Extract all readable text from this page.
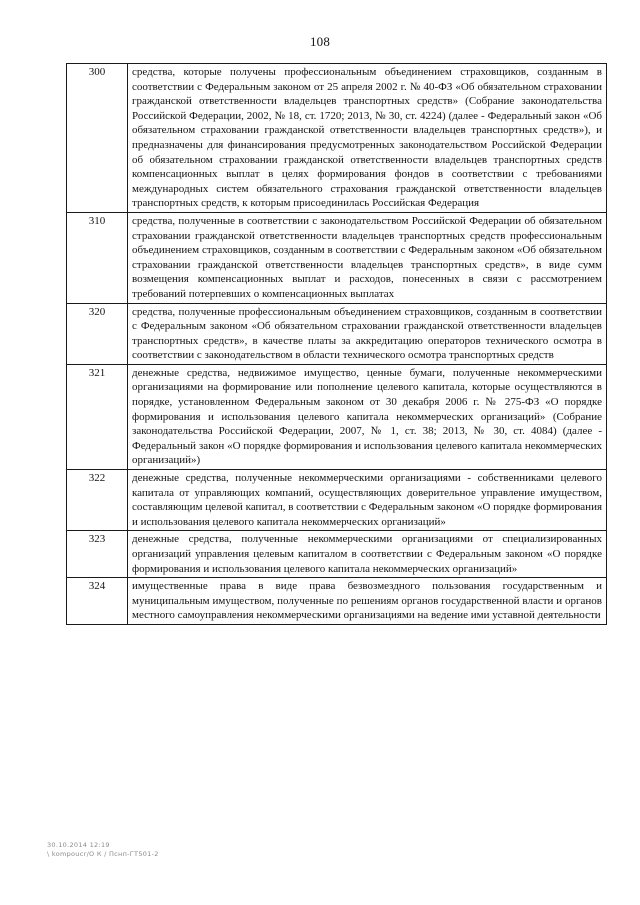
108
300	средства, которые получены профессиональным объединением страховщиков, созданным в соответствии с Федеральным законом от 25 апреля 2002 г. № 40-ФЗ «Об обязательном страховании гражданской ответственности владельцев транспортных средств» (Собрание законодательства Российской Федерации, 2002, № 18, ст. 1720; 2013, № 30, ст. 4224) (далее - Федеральный закон «Об обязательном страховании гражданской ответственности владельцев транспортных средств»), и предназначены для финансирования предусмотренных законодательством Российской Федерации об обязательном страховании гражданской ответственности владельцев транспортных средств компенсационных выплат в целях формирования фондов в соответствии с требованиями международных систем обязательного страхования гражданской ответственности владельцев транспортных средств, к которым присоединилась Российская Федерация
310	средства, полученные в соответствии с законодательством Российской Федерации об обязательном страховании гражданской ответственности владельцев транспортных средств профессиональным объединением страховщиков, созданным в соответствии с Федеральным законом «Об обязательном страховании гражданской ответственности владельцев транспортных средств», в виде сумм возмещения компенсационных выплат и расходов, понесенных в связи с рассмотрением требований потерпевших о компенсационных выплатах
320	средства, полученные профессиональным объединением страховщиков, созданным в соответствии с Федеральным законом «Об обязательном страховании гражданской ответственности владельцев транспортных средств», в качестве платы за аккредитацию операторов технического осмотра в соответствии с законодательством в области технического осмотра транспортных средств
321	денежные средства, недвижимое имущество, ценные бумаги, полученные некоммерческими организациями на формирование или пополнение целевого капитала, которые осуществляются в порядке, установленном Федеральным законом от 30 декабря 2006 г. № 275-ФЗ «О порядке формирования и использования целевого капитала некоммерческих организаций» (Собрание законодательства Российской Федерации, 2007, № 1, ст. 38; 2013, № 30, ст. 4084) (далее - Федеральный закон «О порядке формирования и использования целевого капитала некоммерческих организаций»)
322	денежные средства, полученные некоммерческими организациями - собственниками целевого капитала от управляющих компаний, осуществляющих доверительное управление имуществом, составляющим целевой капитал, в соответствии с Федеральным законом «О порядке формирования и использования целевого капитала некоммерческих организаций»
323	денежные средства, полученные некоммерческими организациями от специализированных организаций управления целевым капиталом в соответствии с Федеральным законом «О порядке формирования и использования целевого капитала некоммерческих организаций»
324	имущественные права в виде права безвозмездного пользования государственным и муниципальным имуществом, полученные по решениям органов государственной власти и органов местного самоуправления некоммерческими организациями на ведение ими уставной деятельности
30.10.2014 12:19
\ kompoucr/О К / Пснп-ГТ501-2
